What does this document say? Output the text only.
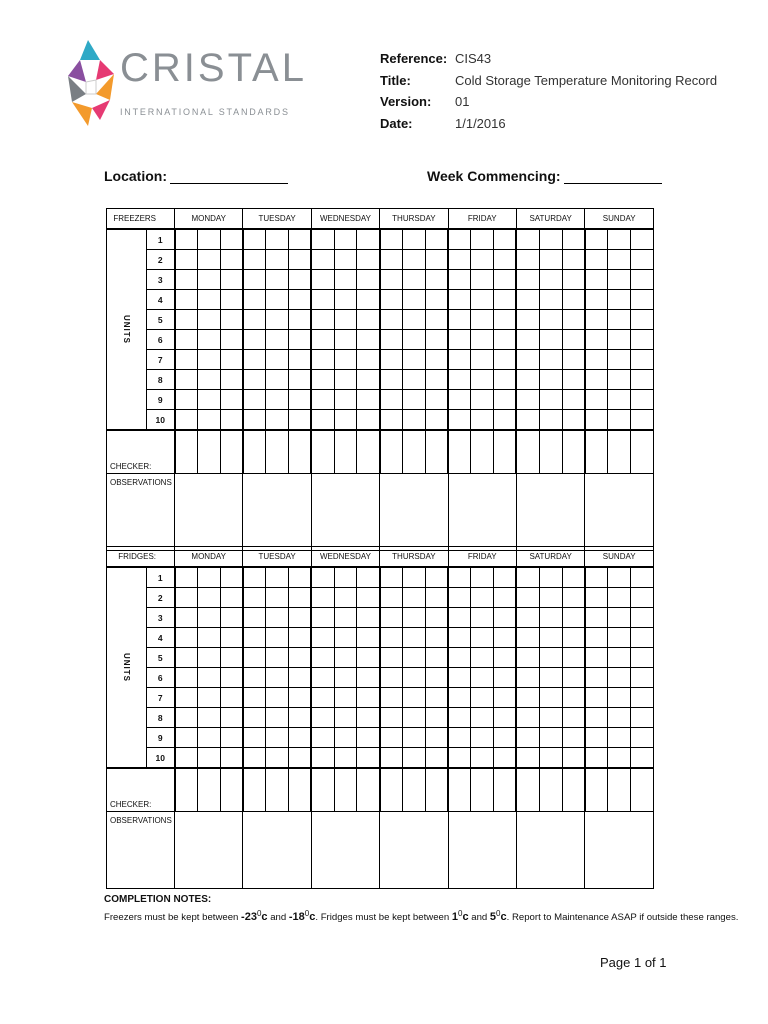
CRISTAL
INTERNATIONAL STANDARDS
Reference: CIS43
Title:	Cold Storage Temperature Monitoring Record
Version:	01
Date:	1/1/2016
Location:	Week Commencing:
FREEZERS		MONDAY			TUESDAY			WEDNESDAY			THURSDAY			FRIDAY			SATURDAY			SUNDAY		
UNITS	1																					
	2																					
	3																					
	4																					
	5																					
	6																					
	7																					
	8																					
	9																					
	10																					
CHECKER:																						
OBSERVATIONS																						
FRIDGES:		MONDAY			TUESDAY			WEDNESDAY			THURSDAY			FRIDAY			SATURDAY			SUNDAY		
UNITS	1																					
	2																					
	3																					
	4																					
	5																					
	6																					
	7																					
	8																					
	9																					
	10																					
CHECKER:																						
OBSERVATIONS																						
COMPLETION NOTES:
Freezers must be kept between $-23^0c$ and $-18^0c$. Fridges must be kept between $1^0c$ and $5^0c$. Report to Maintenance ASAP if outside these ranges.
Page 1 of 1
